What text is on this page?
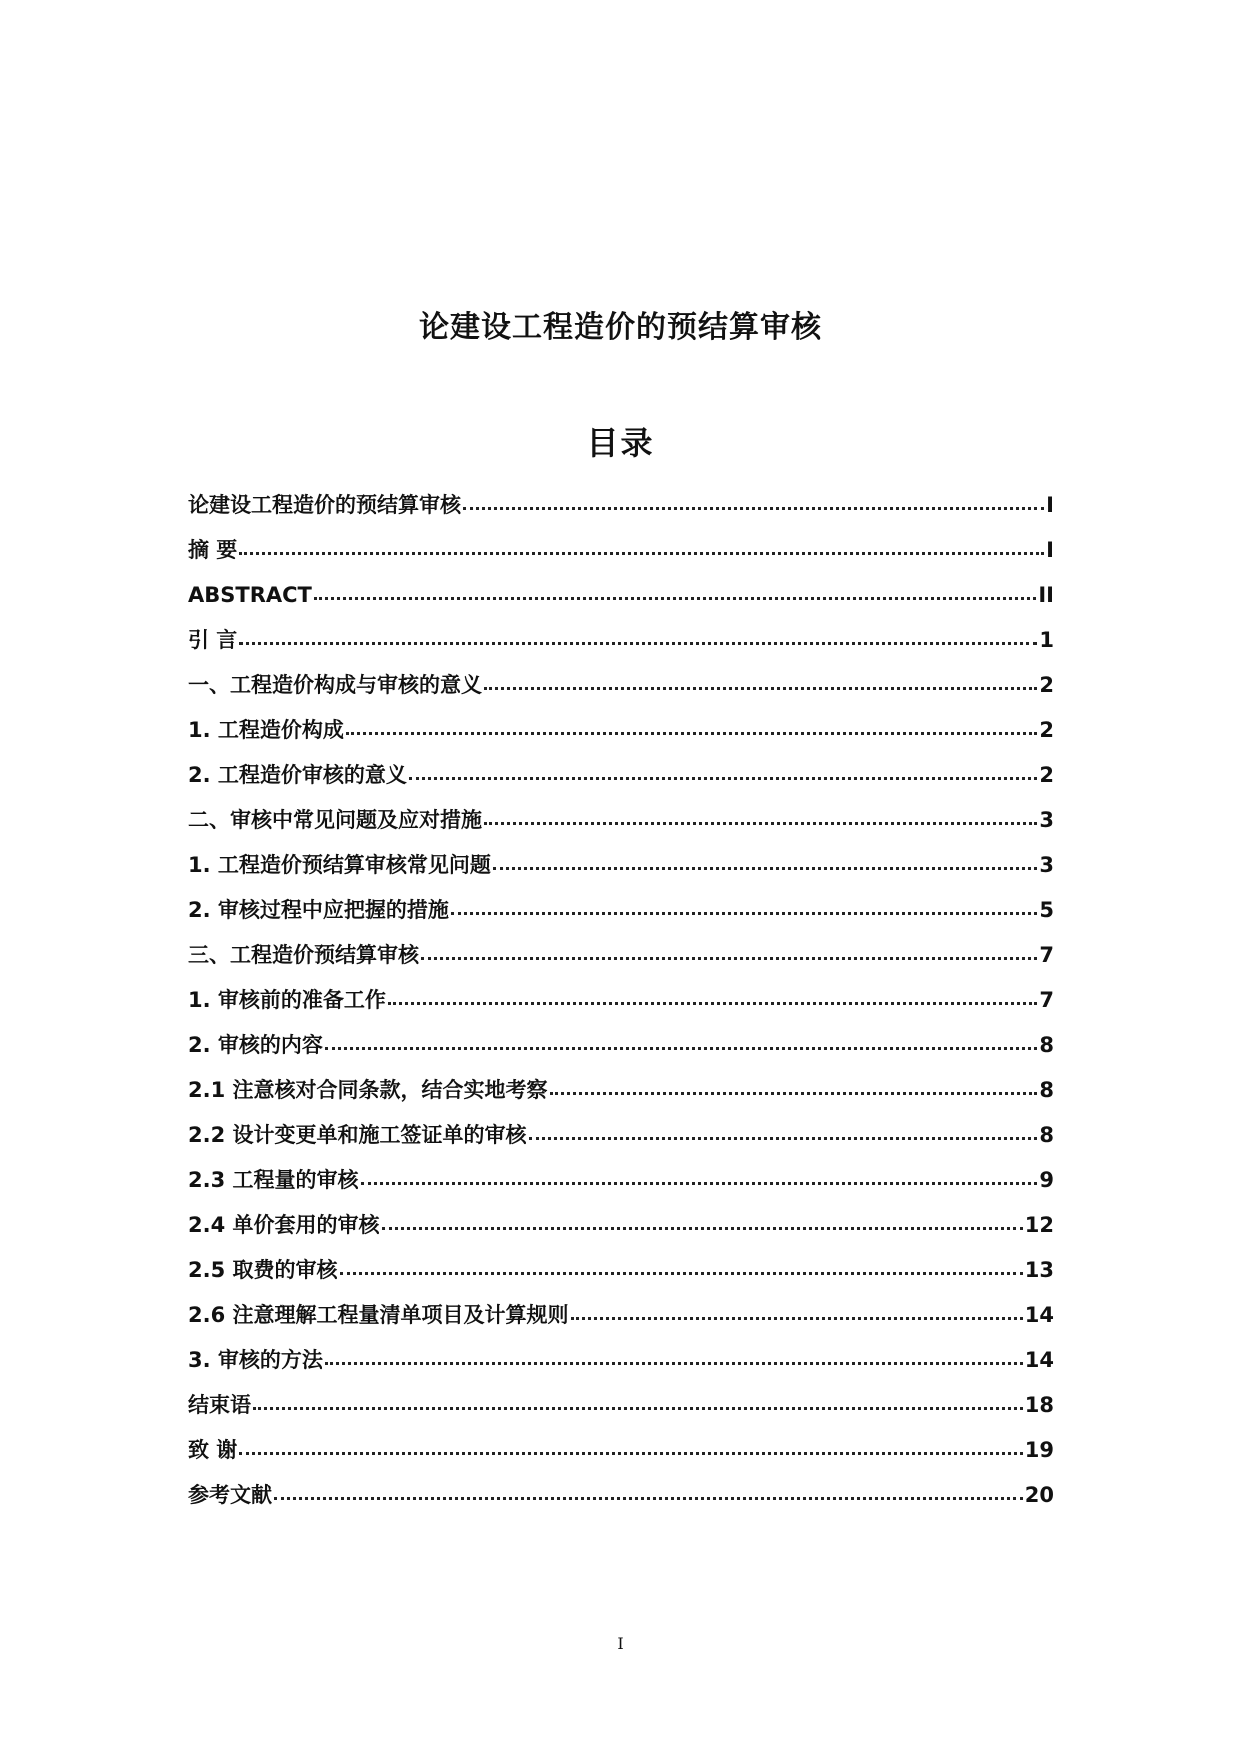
论建设工程造价的预结算审核
目录
论建设工程造价的预结算审核	I
摘 要	I
ABSTRACT	II
引 言	1
一、工程造价构成与审核的意义	2
1. 工程造价构成	2
2. 工程造价审核的意义	2
二、审核中常见问题及应对措施	3
1. 工程造价预结算审核常见问题	3
2. 审核过程中应把握的措施	5
三、工程造价预结算审核	7
1. 审核前的准备工作	7
2. 审核的内容	8
2.1 注意核对合同条款，结合实地考察	8
2.2 设计变更单和施工签证单的审核	8
2.3 工程量的审核	9
2.4 单价套用的审核	12
2.5 取费的审核	13
2.6 注意理解工程量清单项目及计算规则	14
3. 审核的方法	14
结束语	18
致 谢	19
参考文献	20
I
